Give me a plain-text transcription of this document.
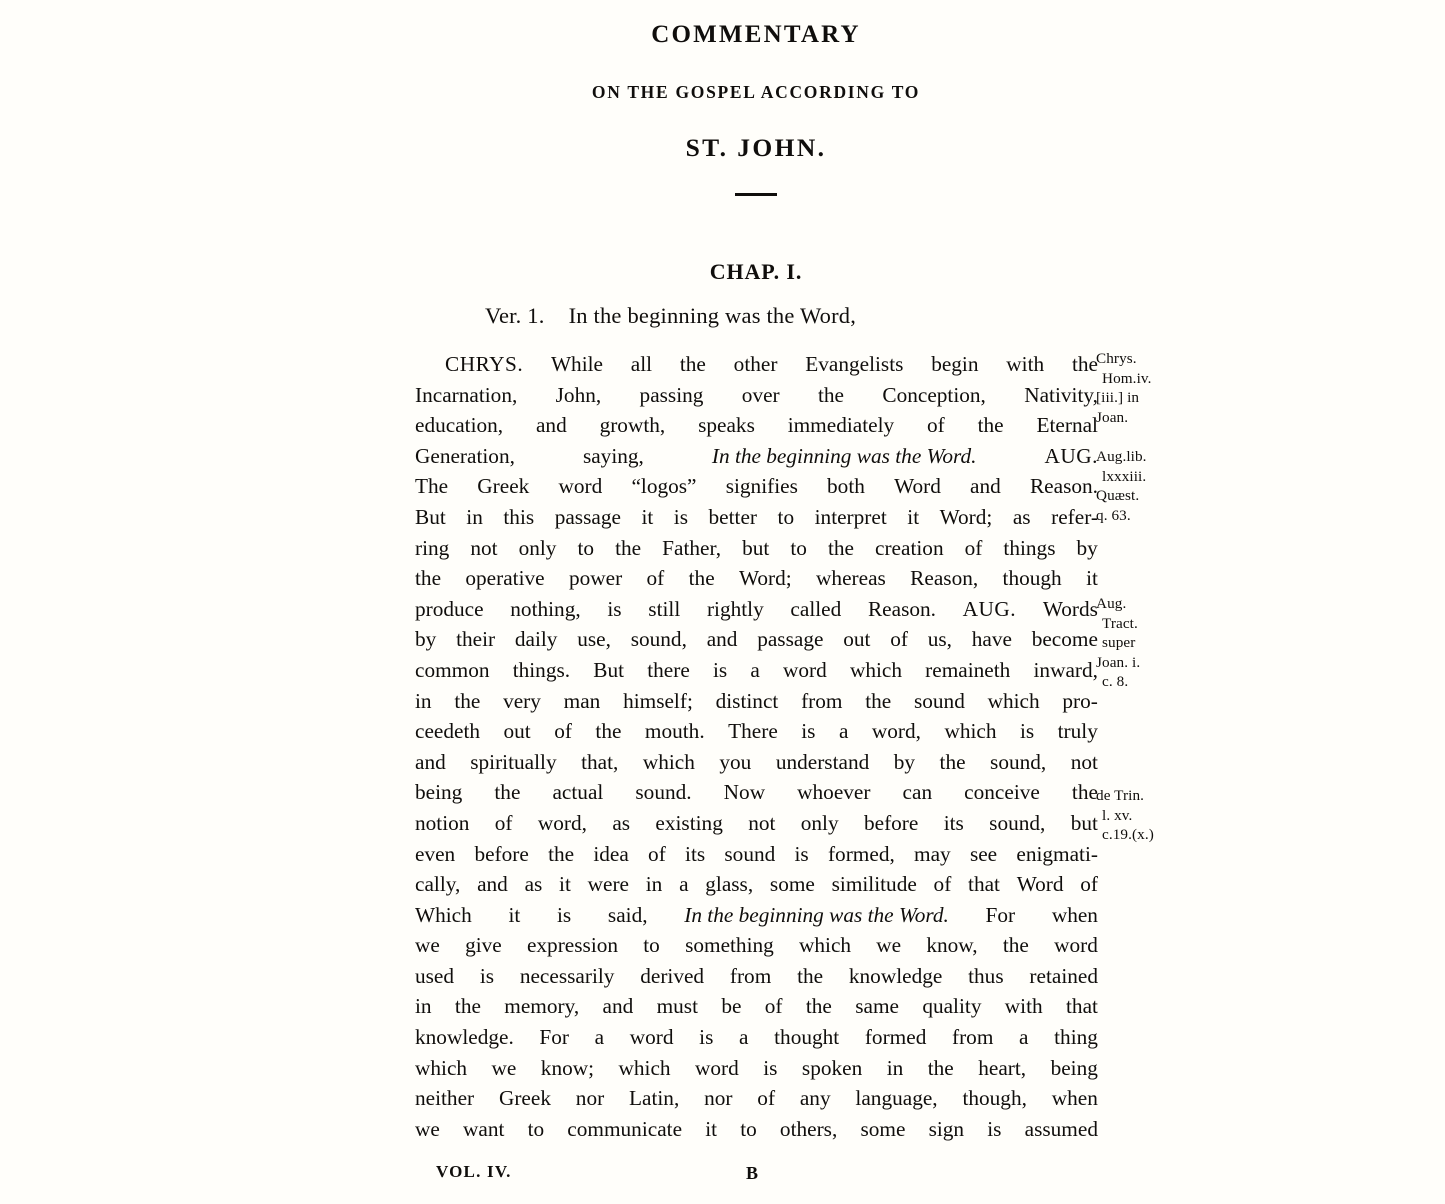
COMMENTARY
ON THE GOSPEL ACCORDING TO
ST. JOHN.
CHAP. I.
Ver. 1. In the beginning was the Word,
CHRYS. While all the other Evangelists begin with the
Incarnation, John, passing over the Conception, Nativity,
education, and growth, speaks immediately of the Eternal
Generation,	saying,	In the beginning was the Word.	AUG.
The Greek word “logos” signifies both Word and Reason.
But in this passage it is better to interpret it Word; as refer-
ring not only to the Father, but to the creation of things by
the operative power of the Word; whereas Reason, though it
produce nothing, is still rightly called Reason. AUG. Words
by their daily use, sound, and passage out of us, have become
common things. But there is a word which remaineth inward,
in the very man himself; distinct from the sound which pro-
ceedeth out of the mouth. There is a word, which is truly
and spiritually that, which you understand by the sound, not
being the actual sound. Now whoever can conceive the
notion of word, as existing not only before its sound, but
even before the idea of its sound is formed, may see enigmati-
cally, and as it were in a glass, some similitude of that Word of
Which it is said, In the beginning was the Word. For when
we give expression to something which we know, the word
used is necessarily derived from the knowledge thus retained
in the memory, and must be of the same quality with that
knowledge. For a word is a thought formed from a thing
which we know; which word is spoken in the heart, being
neither Greek nor Latin, nor of any language, though, when
we want to communicate it to others, some sign is assumed
Chrys.
Hom.iv.
[iii.] in
Joan.
Aug.lib.
lxxxiii.
Quæst.
q. 63.
Aug.
Tract.
super
Joan. i.
c. 8.
de Trin.
l. xv.
c.19.(x.)
VOL. IV.	B
